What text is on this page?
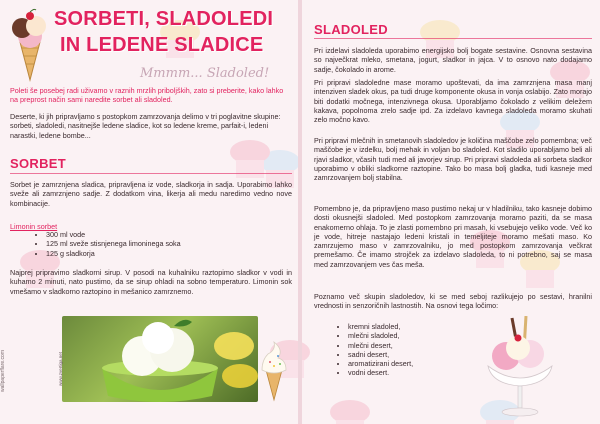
SORBETI, SLADOLEDI
IN LEDENE SLADICE
Mmmm... Sladoled!
Poleti še posebej radi uživamo v raznih mrzlih priboljških, zato si preberite, kako lahko na preprost način sami naredite sorbet ali sladoled.
Deserte, ki jih pripravljamo s postopkom zamrzovanja delimo v tri poglavitne skupine: sorbeti, sladoledi, nasitnejše ledene sladice, kot so ledene kreme, parfait-i, ledeni narastki, ledene bombe...
SORBET
Sorbet je zamrznjena sladica, pripravljena iz vode, sladkorja in sadja. Uporabimo lahko sveže ali zamrznjeno sadje. Z dodatkom vina, likerja ali medu naredimo vedno nove kombinacije.
Limonin sorbet
• 300 ml vode
• 125 ml sveže stisnjenega limoninega soka
• 125 g sladkorja
Najprej pripravimo sladkorni sirup. V posodi na kuhalniku raztopimo sladkor v vodi in kuhamo 2 minuti, nato pustimo, da se sirup ohladi na sobno temperaturo. Limonin sok vmešamo v sladkorno raztopino in mešanico zamrznemo.
www.zvertiga.net
wallpaperflare.com
SLADOLED
Pri izdelavi sladoleda uporabimo energijsko bolj bogate sestavine. Osnovna sestavina so največkrat mleko, smetana, jogurt, sladkor in jajca. V to osnovo nato dodajamo sadje, čokolado in arome.
Pri pripravi sladoledne mase moramo upoštevati, da ima zamrznjena masa manj intenziven sladek okus, pa tudi druge komponente okusa in vonja oslabijo. Zato morajo biti dodatki močnega, intenzivnega okusa. Uporabljamo čokolado z velikim deležem kakava, popolnoma zrelo sadje ipd. Za izdelavo kavnega sladoleda moramo skuhati zelo močno kavo.
Pri pripravi mlečnih in smetanovih sladoledov je količina maščobe zelo pomembna; več maščobe je v izdelku, bolj mehak in voljan bo sladoled. Kot sladilo uporabljamo beli ali rjavi sladkor, včasih tudi med ali javorjev sirup. Pri pripravi sladoleda ali sorbeta sladkor uporabimo v obliki sladkorne raztopine. Tako bo masa bolj gladka, tudi kasneje med zamrzovanjem bolj stabilna.
Pomembno je, da pripravljeno maso pustimo nekaj ur v hladilniku, tako kasneje dobimo dosti okusnejši sladoled. Med postopkom zamrzovanja moramo paziti, da se masa enakomerno ohlaja. To je zlasti pomembno pri masah, ki vsebujejo veliko vode. Več ko je vode, hitreje nastajajo ledeni kristali in temeljiteje moramo mešati maso. Ko zamrzujemo maso v zamrzovalniku, jo med postopkom zamrzovanja večkrat premešamo. Če imamo strojček za izdelavo sladoleda, to ni potrebno, saj se masa med zamrzovanjem ves čas meša.
Poznamo več skupin sladoledov, ki se med seboj razlikujejo po sestavi, hranilni vrednosti in senzoričnih lastnostih. Na osnovi tega ločimo:
• kremni sladoled,
• mlečni sladoled,
• mlečni desert,
• sadni desert,
• aromatizirani desert,
• vodni desert.
